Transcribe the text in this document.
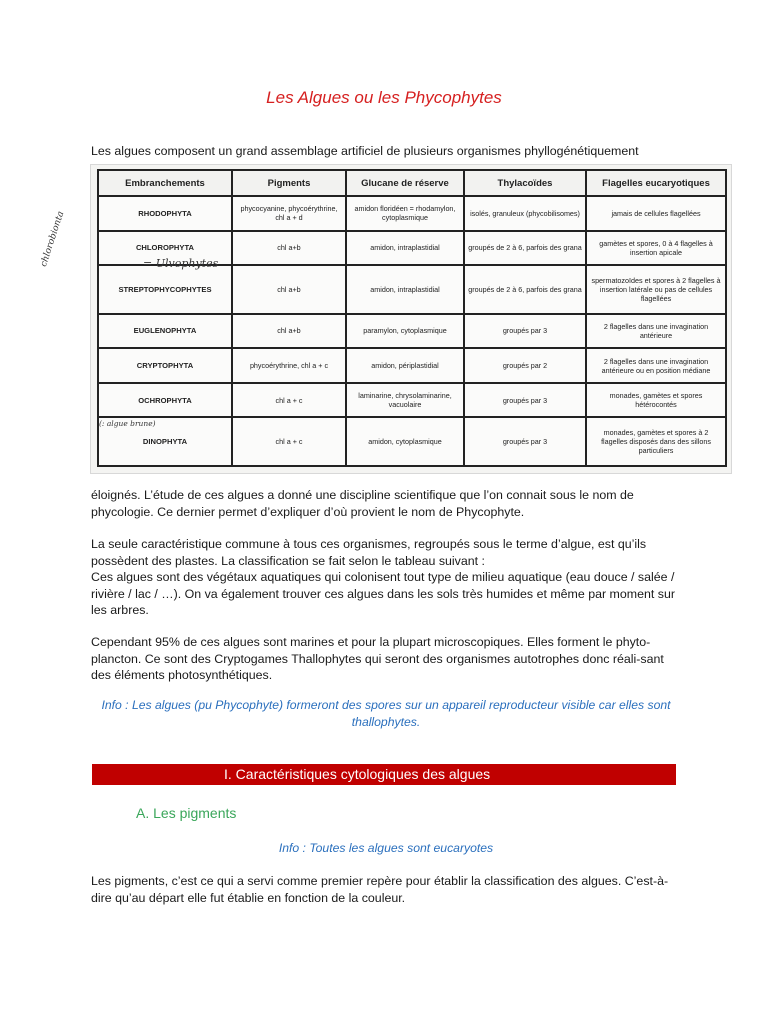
Les Algues ou les Phycophytes
Les algues composent un grand assemblage artificiel de plusieurs organismes phyllogénétiquement
Embranchements	Pigments	Glucane de réserve	Thylacoïdes	Flagelles eucaryotiques
RHODOPHYTA	phycocyanine, phycoérythrine, chl a + d	amidon floridéen = rhodamylon, cytoplasmique	isolés, granuleux (phycobilisomes)	jamais de cellules flagellées
CHLOROPHYTA	chl a+b	amidon, intraplastidial	groupés de 2 à 6, parfois des grana	gamètes et spores, 0 à 4 flagelles à insertion apicale
STREPTOPHYCOPHYTES	chl a+b	amidon, intraplastidial	groupés de 2 à 6, parfois des grana	spermatozoïdes et spores à 2 flagelles à insertion latérale ou pas de cellules flagellées
EUGLENOPHYTA	chl a+b	paramylon, cytoplasmique	groupés par 3	2 flagelles dans une invagination antérieure
CRYPTOPHYTA	phycoérythrine, chl a + c	amidon, périplastidial	groupés par 2	2 flagelles dans une invagination antérieure ou en position médiane
OCHROPHYTA	chl a + c	laminarine, chrysolaminarine, vacuolaire	groupés par 3	monades, gamètes et spores hétérocontés
DINOPHYTA	chl a + c	amidon, cytoplasmique	groupés par 3	monades, gamètes et spores à 2 flagelles disposés dans des sillons particuliers
= Ulvophytes
chlorobionta
(: algue brune)
éloignés. L’étude de ces algues a donné une discipline scientifique que l’on connait sous le nom de phycologie. Ce dernier permet d’expliquer d’où provient le nom de Phycophyte.
La seule caractéristique commune à tous ces organismes, regroupés sous le terme d’algue, est qu’ils possèdent des plastes. La classification se fait selon le tableau suivant :
Ces algues sont des végétaux aquatiques qui colonisent tout type de milieu aquatique (eau douce / salée / rivière / lac / …). On va également trouver ces algues dans les sols très humides et même par moment sur les arbres.
Cependant 95% de ces algues sont marines et pour la plupart microscopiques. Elles forment le phyto-plancton. Ce sont des Cryptogames Thallophytes qui seront des organismes autotrophes donc réali-sant des éléments photosynthétiques.
Info : Les algues (pu Phycophyte) formeront des spores sur un appareil reproducteur visible car elles sont thallophytes.
I. Caractéristiques cytologiques des algues
A. Les pigments
Info : Toutes les algues sont eucaryotes
Les pigments, c’est ce qui a servi comme premier repère pour établir la classification des algues. C’est-à-dire qu’au départ elle fut établie en fonction de la couleur.
